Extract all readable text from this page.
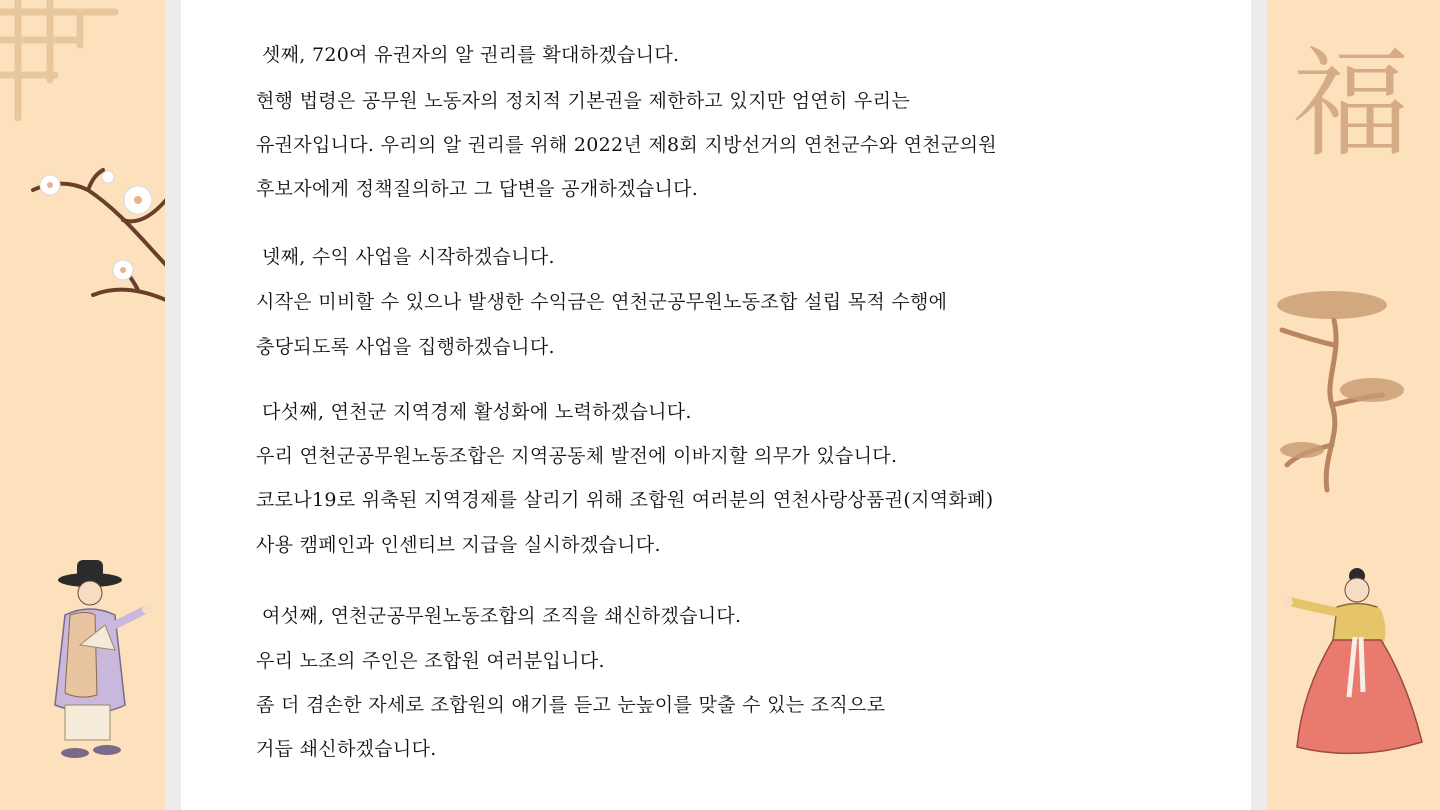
셋째, 720여 유권자의 알 권리를 확대하겠습니다.
현행 법령은 공무원 노동자의 정치적 기본권을 제한하고 있지만 엄연히 우리는
유권자입니다. 우리의 알 권리를 위해 2022년 제8회 지방선거의 연천군수와 연천군의원
후보자에게 정책질의하고 그 답변을 공개하겠습니다.
넷째, 수익 사업을 시작하겠습니다.
시작은 미비할 수 있으나 발생한 수익금은 연천군공무원노동조합 설립 목적 수행에
충당되도록 사업을 집행하겠습니다.
다섯째, 연천군 지역경제 활성화에 노력하겠습니다.
우리 연천군공무원노동조합은 지역공동체 발전에 이바지할 의무가 있습니다.
코로나19로 위축된 지역경제를 살리기 위해 조합원 여러분의 연천사랑상품권(지역화폐)
사용 캠페인과 인센티브 지급을 실시하겠습니다.
여섯째, 연천군공무원노동조합의 조직을 쇄신하겠습니다.
우리 노조의 주인은 조합원 여러분입니다.
좀 더 겸손한 자세로 조합원의 얘기를 듣고 눈높이를 맞출 수 있는 조직으로
거듭 쇄신하겠습니다.
福
